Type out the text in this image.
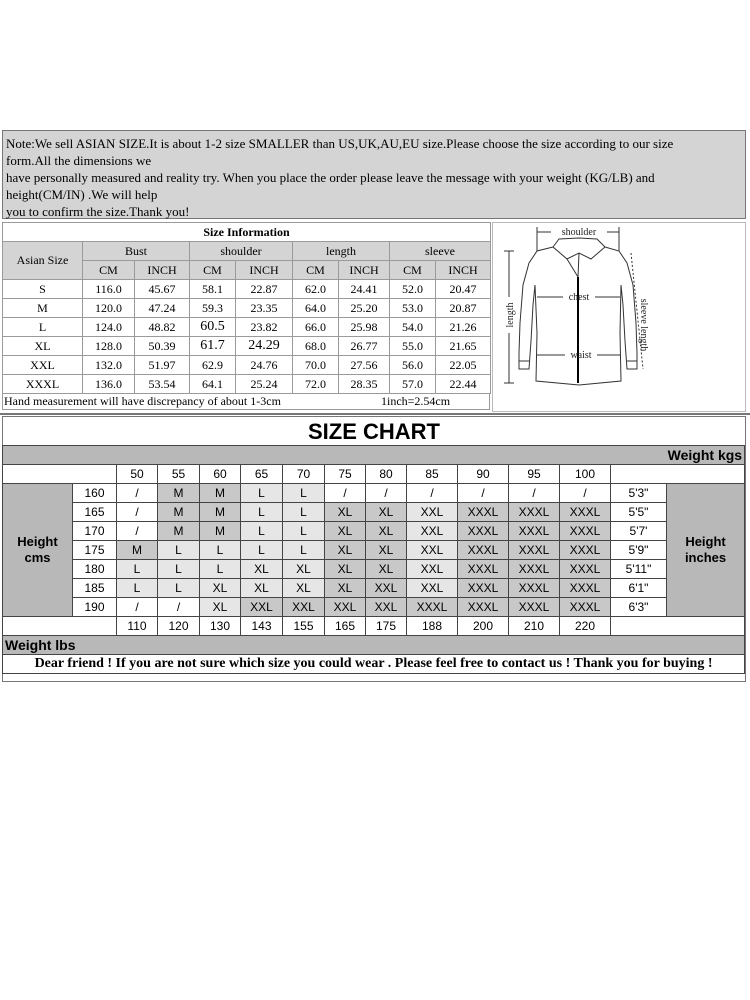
Note:We sell ASIAN SIZE.It is about 1-2 size SMALLER than US,UK,AU,EU size.Please choose the size according to our size
form.All the dimensions we
have personally measured and reality try. When you place the order please leave the message with your weight (KG/LB) and
height(CM/IN) .We will help
you to confirm the size.Thank you!
Size Information								
Asian Size	Bust		shoulder		length		sleeve	
	CM	INCH	CM	INCH	CM	INCH	CM	INCH
S	116.0	45.67	58.1	22.87	62.0	24.41	52.0	20.47
M	120.0	47.24	59.3	23.35	64.0	25.20	53.0	20.87
L	124.0	48.82	60.5	23.82	66.0	25.98	54.0	21.26
XL	128.0	50.39	61.7	24.29	68.0	26.77	55.0	21.65
XXL	132.0	51.97	62.9	24.76	70.0	27.56	56.0	22.05
XXXL	136.0	53.54	64.1	25.24	72.0	28.35	57.0	22.44
Hand measurement will have discrepancy of about 1-3cm	1inch=2.54cm
shoulder
chest
waist
length	sleeve length
SIZE CHART
Weight kgs														
		50	55	60	65	70	75	80	85	90	95	100		
Height cms	160	/	M	M	L	L	/	/	/	/	/	/	5'3"	Height inches
	165	/	M	M	L	L	XL	XL	XXL	XXXL	XXXL	XXXL	5'5"	
	170	/	M	M	L	L	XL	XL	XXL	XXXL	XXXL	XXXL	5'7'	
	175	M	L	L	L	L	XL	XL	XXL	XXXL	XXXL	XXXL	5'9"	
	180	L	L	L	XL	XL	XL	XL	XXL	XXXL	XXXL	XXXL	5'11"	
	185	L	L	XL	XL	XL	XL	XXL	XXL	XXXL	XXXL	XXXL	6'1"	
	190	/	/	XL	XXL	XXL	XXL	XXL	XXXL	XXXL	XXXL	XXXL	6'3"	
		110	120	130	143	155	165	175	188	200	210	220		
Weight lbs														
Dear friend ! If you are not sure which size you could wear . Please feel free to contact us ! Thank you for buying !														
